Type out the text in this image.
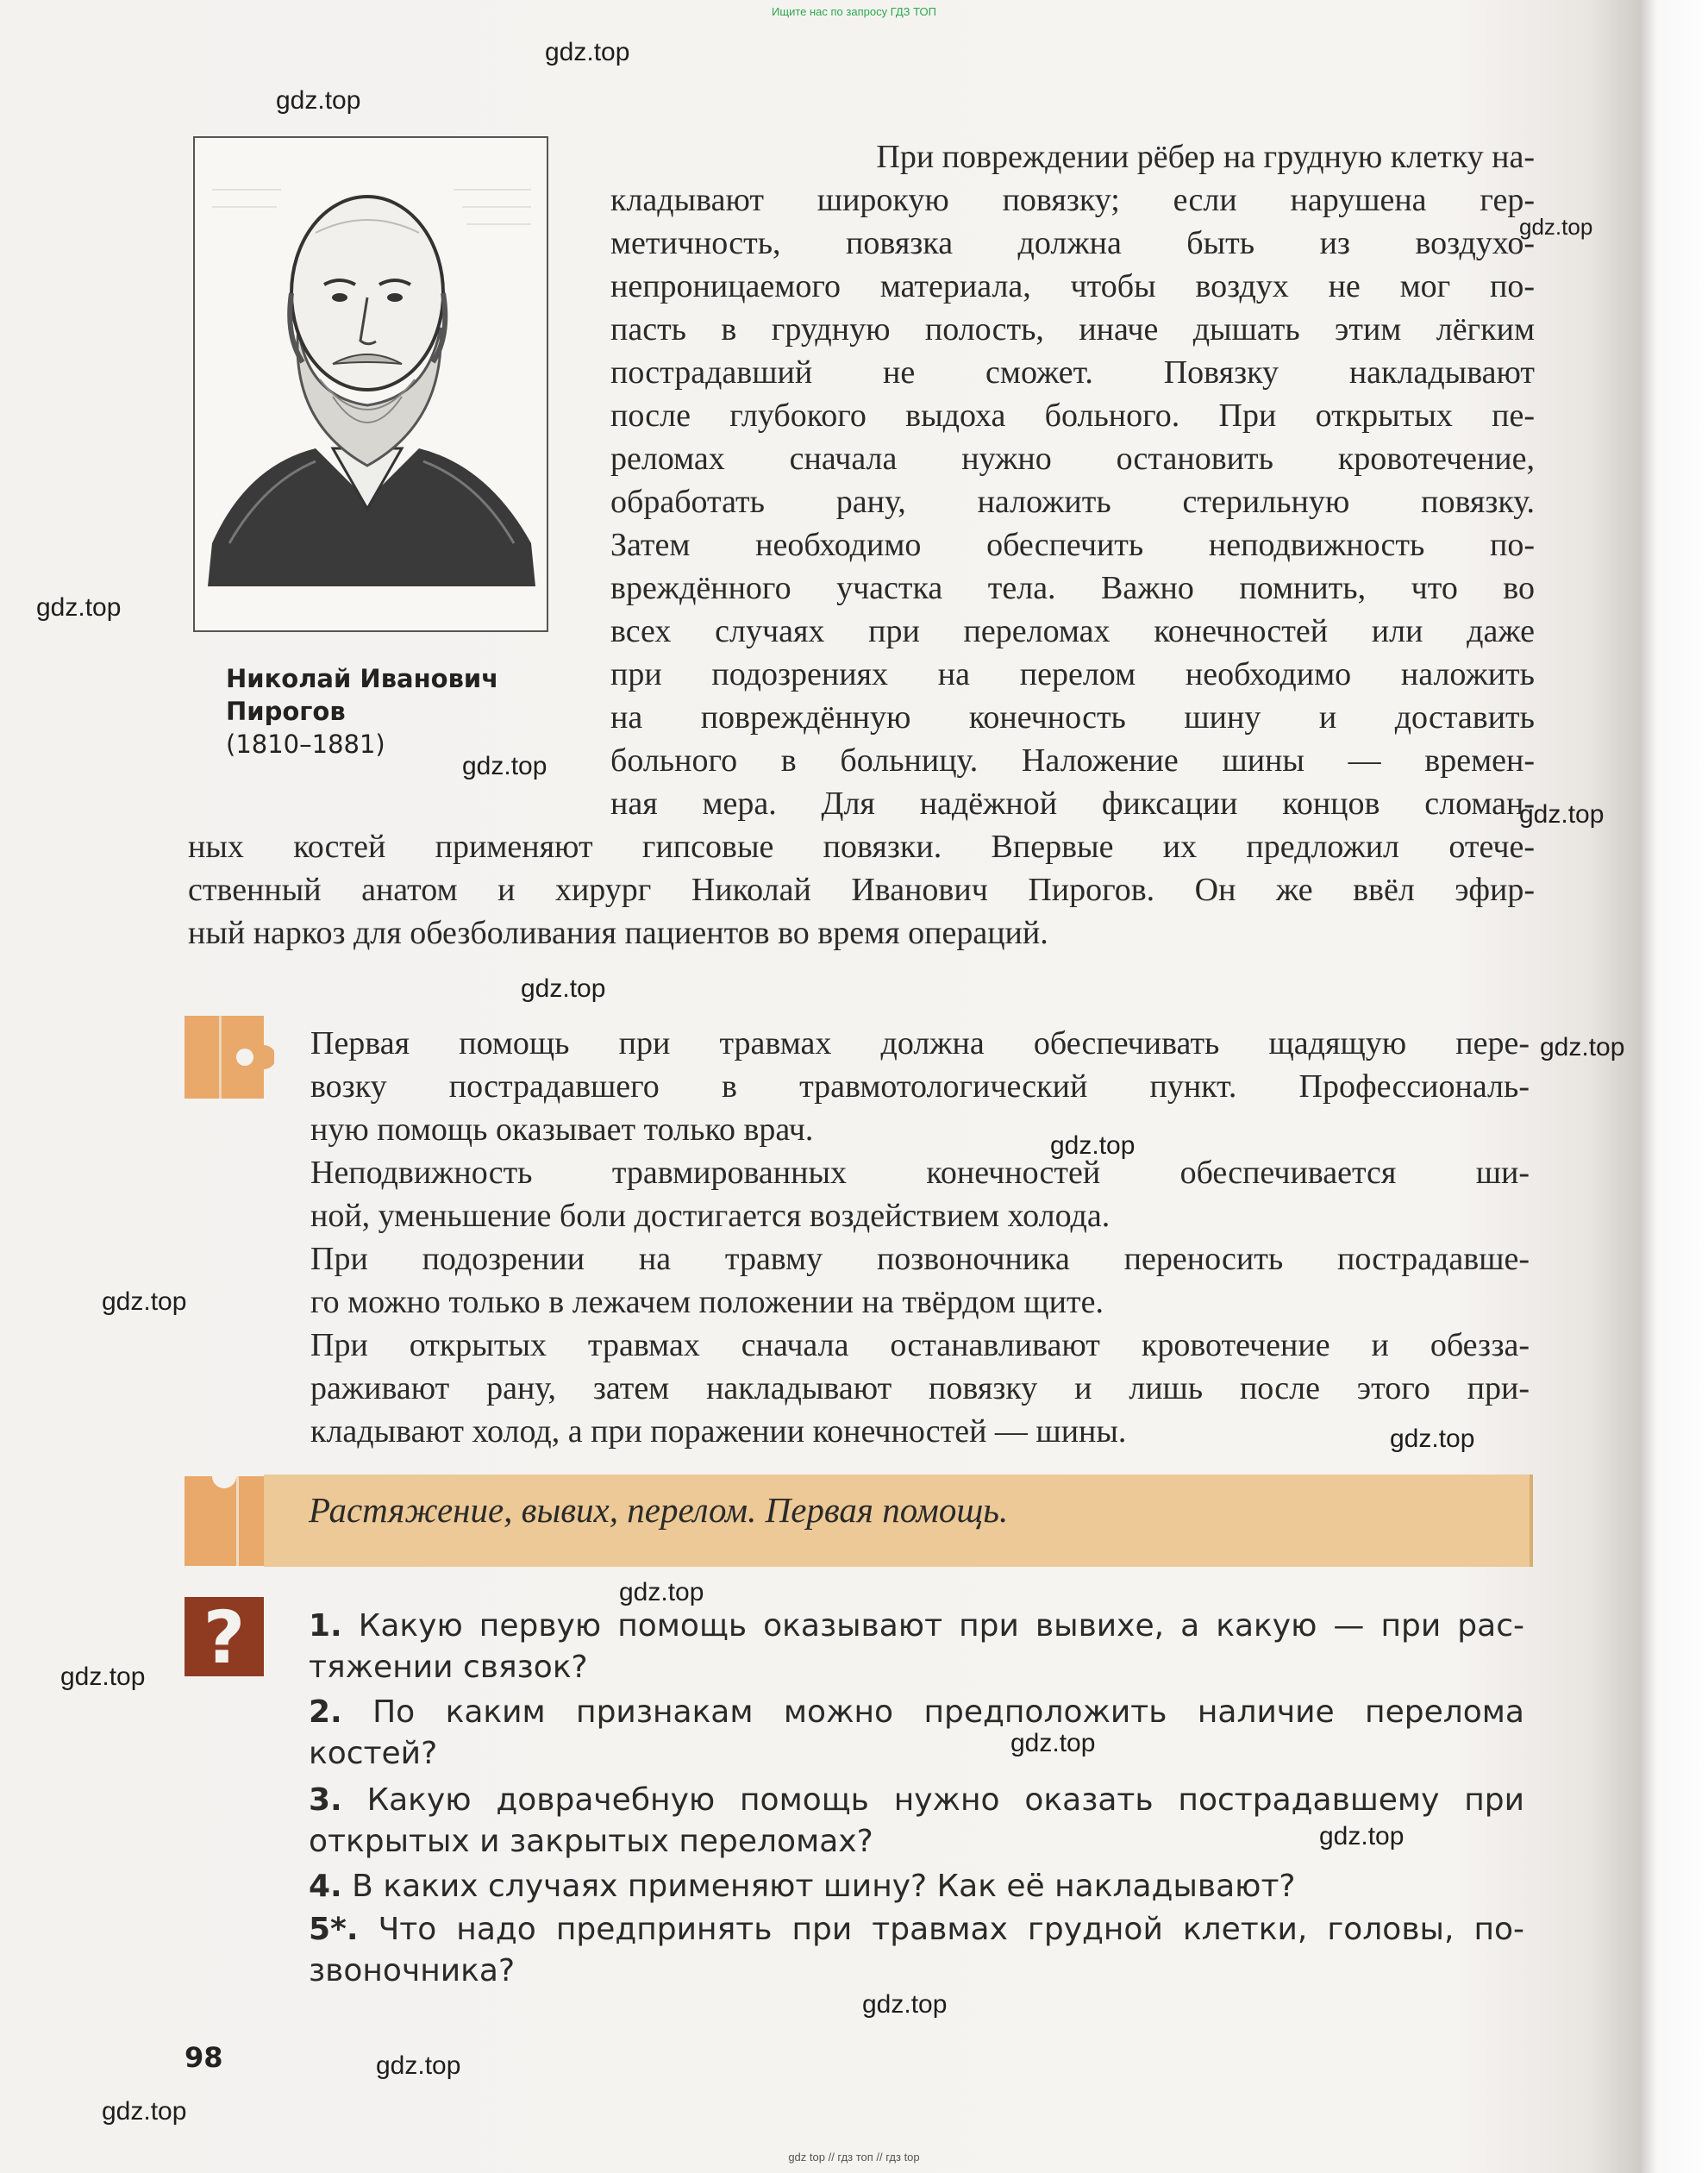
Ищите нас по запросу ГДЗ ТОП
gdz.top
gdz.top
gdz.top
gdz.top
gdz.top
gdz.top
gdz.top
gdz.top
gdz.top
gdz.top
gdz.top
gdz.top
gdz.top
gdz.top
gdz.top
gdz.top
gdz.top
gdz.top
Николай Иванович
Пирогов
(1810–1881)
При повреждении рёбер на грудную клетку на-
кладывают широкую повязку; если нарушена гер-
метичность, повязка должна быть из воздухо-
непроницаемого материала, чтобы воздух не мог по-
пасть в грудную полость, иначе дышать этим лёгким
пострадавший не сможет. Повязку накладывают
после глубокого выдоха больного. При открытых пе-
реломах сначала нужно остановить кровотечение,
обработать рану, наложить стерильную повязку.
Затем необходимо обеспечить неподвижность по-
вреждённого участка тела. Важно помнить, что во
всех случаях при переломах конечностей или даже
при подозрениях на перелом необходимо наложить
на повреждённую конечность шину и доставить
больного в больницу. Наложение шины — времен-
ная мера. Для надёжной фиксации концов сломан-
ных костей применяют гипсовые повязки. Впервые их предложил отече-
ственный анатом и хирург Николай Иванович Пирогов. Он же ввёл эфир-
ный наркоз для обезболивания пациентов во время операций.
Первая помощь при травмах должна обеспечивать щадящую пере-
возку пострадавшего в травмотологический пункт. Профессиональ-
ную помощь оказывает только врач.
Неподвижность травмированных конечностей обеспечивается ши-
ной, уменьшение боли достигается воздействием холода.
При подозрении на травму позвоночника переносить пострадавше-
го можно только в лежачем положении на твёрдом щите.
При открытых травмах сначала останавливают кровотечение и обезза-
раживают рану, затем накладывают повязку и лишь после этого при-
кладывают холод, а при поражении конечностей — шины.
Растяжение, вывих, перелом. Первая помощь.
? 1. Какую первую помощь оказывают при вывихе, а какую — при рас-
тяжении связок?
2. По каким признакам можно предположить наличие перелома
костей?
3. Какую доврачебную помощь нужно оказать пострадавшему при
открытых и закрытых переломах?
4. В каких случаях применяют шину? Как её накладывают?
5*. Что надо предпринять при травмах грудной клетки, головы, по-
звоночника?
98
gdz top // гдз топ // гдз top
